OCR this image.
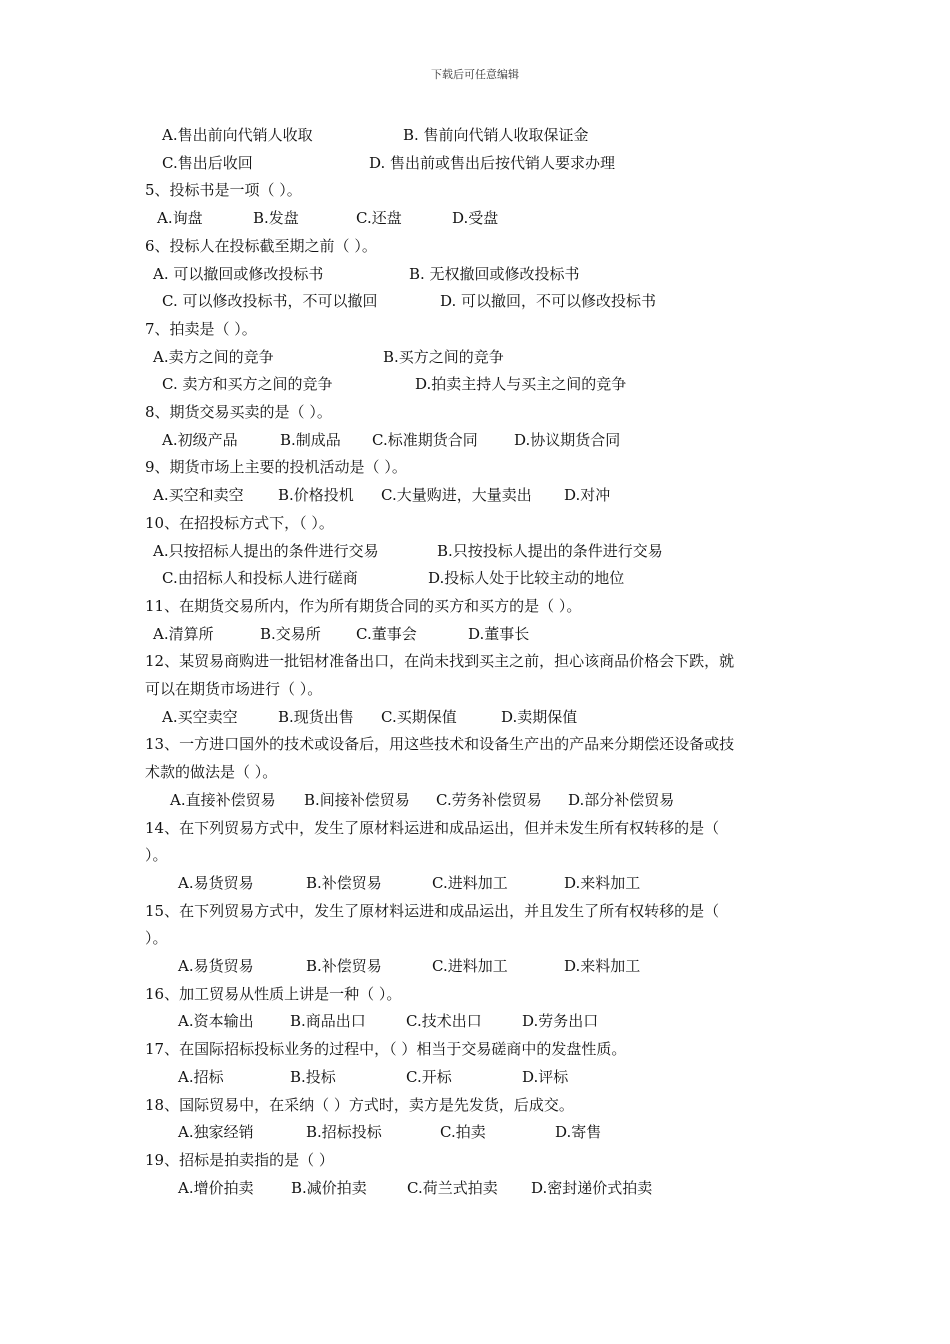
下载后可任意编辑
A.售出前向代销人收取	B. 售前向代销人收取保证金
C.售出后收回	D. 售出前或售出后按代销人要求办理
5、投标书是一项（ ）。
A.询盘	B.发盘	C.还盘	D.受盘
6、投标人在投标截至期之前（ ）。
A. 可以撤回或修改投标书	B. 无权撤回或修改投标书
C. 可以修改投标书，不可以撤回	D. 可以撤回，不可以修改投标书
7、拍卖是（ ）。
A.卖方之间的竞争	B.买方之间的竞争
C. 卖方和买方之间的竞争	D.拍卖主持人与买主之间的竞争
8、期货交易买卖的是（ ）。
A.初级产品	B.制成品 C.标准期货合同 D.协议期货合同
9、期货市场上主要的投机活动是（ ）。
A.买空和卖空 B.价格投机 C.大量购进，大量卖出 D.对冲
10、在招投标方式下，（ ）。
A.只按招标人提出的条件进行交易	B.只按投标人提出的条件进行交易
C.由招标人和投标人进行磋商	D.投标人处于比较主动的地位
11、在期货交易所内，作为所有期货合同的买方和买方的是（ ）。
A.清算所	B.交易所 C.董事会	D.董事长
12、某贸易商购进一批铝材准备出口，在尚未找到买主之前，担心该商品价格会下跌，就
可以在期货市场进行（ ）。
A.买空卖空	B.现货出售 C.买期保值	D.卖期保值
13、一方进口国外的技术或设备后，用这些技术和设备生产出的产品来分期偿还设备或技
术款的做法是（ ）。
A.直接补偿贸易 B.间接补偿贸易 C.劳务补偿贸易 D.部分补偿贸易
14、在下列贸易方式中，发生了原材料运进和成品运出，但并未发生所有权转移的是（
）。
A.易货贸易	B.补偿贸易	C.进料加工	D.来料加工
15、在下列贸易方式中，发生了原材料运进和成品运出，并且发生了所有权转移的是（
）。
A.易货贸易	B.补偿贸易	C.进料加工	D.来料加工
16、加工贸易从性质上讲是一种（ ）。
A.资本输出 B.商品出口	C.技术出口	D.劳务出口
17、在国际招标投标业务的过程中，（ ）相当于交易磋商中的发盘性质。
A.招标	B.投标	C.开标	D.评标
18、国际贸易中，在采纳（ ）方式时，卖方是先发货，后成交。
A.独家经销	B.招标投标	C.拍卖	D.寄售
19、招标是拍卖指的是（ ）
A.增价拍卖 B.减价拍卖	C.荷兰式拍卖 D.密封递价式拍卖
